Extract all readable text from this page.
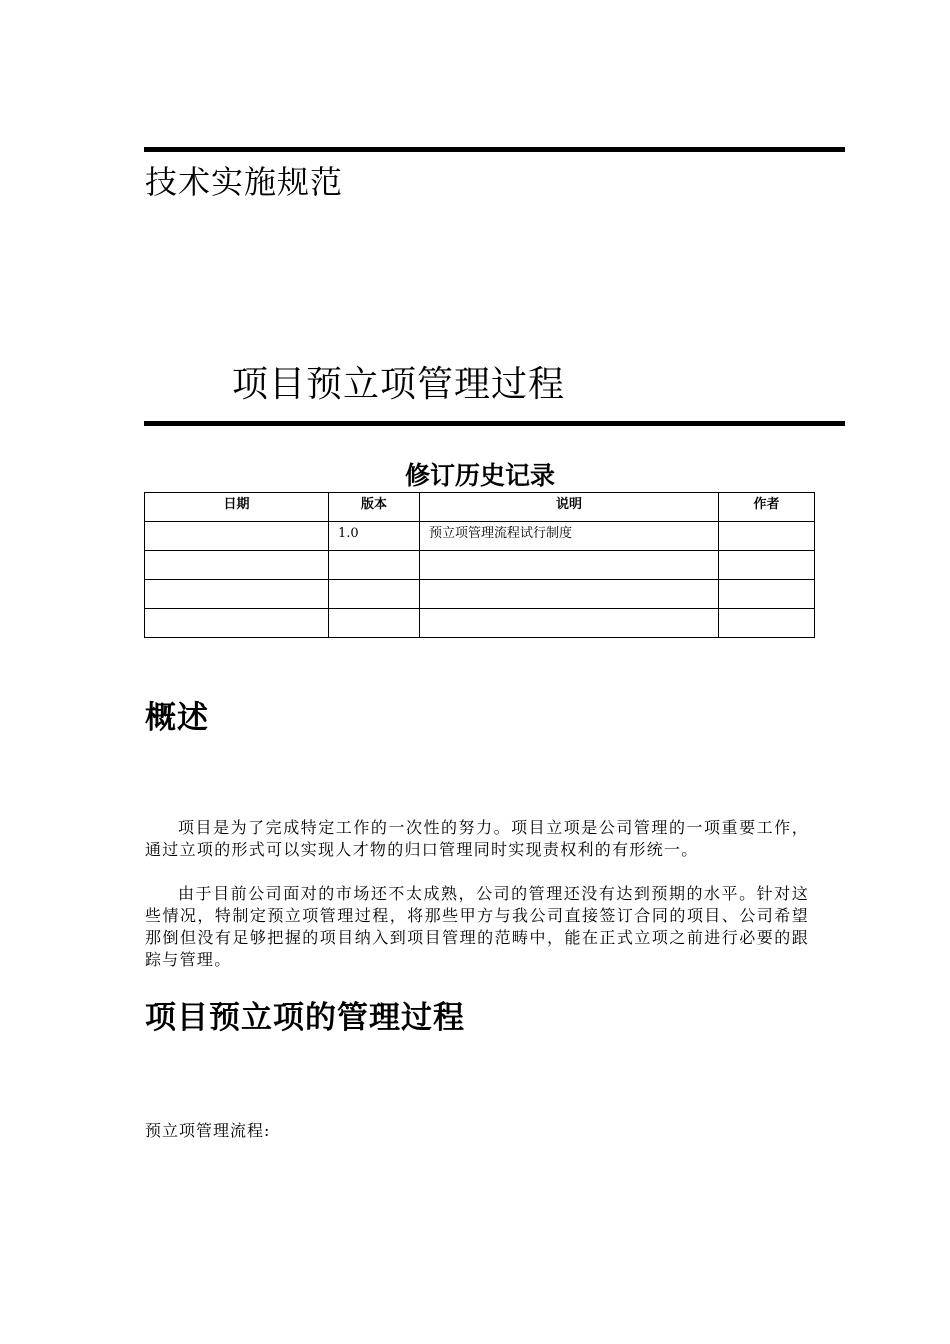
技术实施规范
项目预立项管理过程
修订历史记录
日期	版本	说明	作者
	1.0	预立项管理流程试行制度	

概述

项目是为了完成特定工作的一次性的努力。项目立项是公司管理的一项重要工作，通过立项的形式可以实现人才物的归口管理同时实现责权利的有形统一。

由于目前公司面对的市场还不太成熟，公司的管理还没有达到预期的水平。针对这些情况，特制定预立项管理过程，将那些甲方与我公司直接签订合同的项目、公司希望那倒但没有足够把握的项目纳入到项目管理的范畴中，能在正式立项之前进行必要的跟踪与管理。

项目预立项的管理过程
预立项管理流程:
